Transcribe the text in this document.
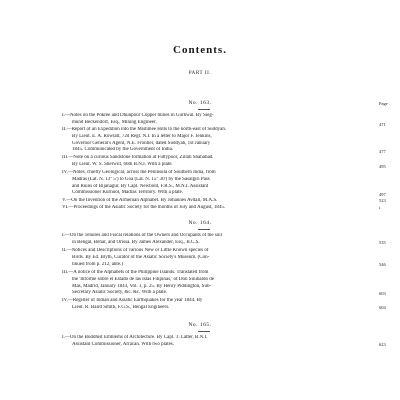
Contents.
PART II.
Page
No. 163.

I.—Notes on the Pokree and Dhunpoor Copper mines in Gurhwal. By Sieg-

mund Beckendorf, Esq., Mining Engineer.	471

II.—Report of an Expedition into the Mishmee Hills to the north-east of Suddyah.

By Lieut. E. A. Rowlatt, 72d Regt. N.I. In a letter to Major F. Jenkins,

Governor General's Agent, N.E. Frontier, dated Suddyah, 1st January

1845. Communicated by the Government of India.	477

III.—Note on a curious Sandstone formation at Futtypoor, Zillah Shahabad.

By Lieut. W. S. Sherwill, 66th B.N.I. With a plate.	495

IV.—Notes, chiefly Geological, across the Peninsula of Southern India, from

Madras (Lat. N. 13° 5') to Goa (Lat. N. 15° 30') by the Sasalgiri Pass

and Ruins of Bijanagur. By Capt. Newbold, F.R.S., M.N.I. Assistant

Commissioner Kurnool, Madras Territory. With a plate.	497

V.—On the Invention of the Armenian Alphabet. By Johannes Avdall, M.A.S.	523

VI.—Proceedings of the Asiatic Society for the months of July and August, 1845.	i
No. 164.

I.—On the Tenures and Fiscal relations of the Owners and Occupants of the soil

in Bengal, Behar, and Orissa. By James Alexander, Esq., B.C.S.	535

II.—Notices and Descriptions of various New or Little Known species of

Birds. By Ed. Blyth, Curator of the Asiatic Society's Museum. (Con-

tinued from p. 212, ante.)	546

III.—A notice of the Alphabets of the Philippine Islands. Translated from

the 'Informe sobre el Estado de las Islas Filipinas,' of Don Sinibaldo de

Mas, Madrid, January 1843, Vol. 1, p. 25. By Henry Piddington, Sub-

Secretary Asiatic Society, &c. &c. With a plate.	603

IV.—Register of Indian and Asiatic Earthquakes for the year 1844. By

Lieut. R. Baird Smith, F.G.S., Bengal Engineers.	604
No. 165.

I.—On the Buddhist Emblems of Architecture. By Capt. T. Latter, B.N.I.

Assistant Commissioner, Arracan. With two plates.	623
